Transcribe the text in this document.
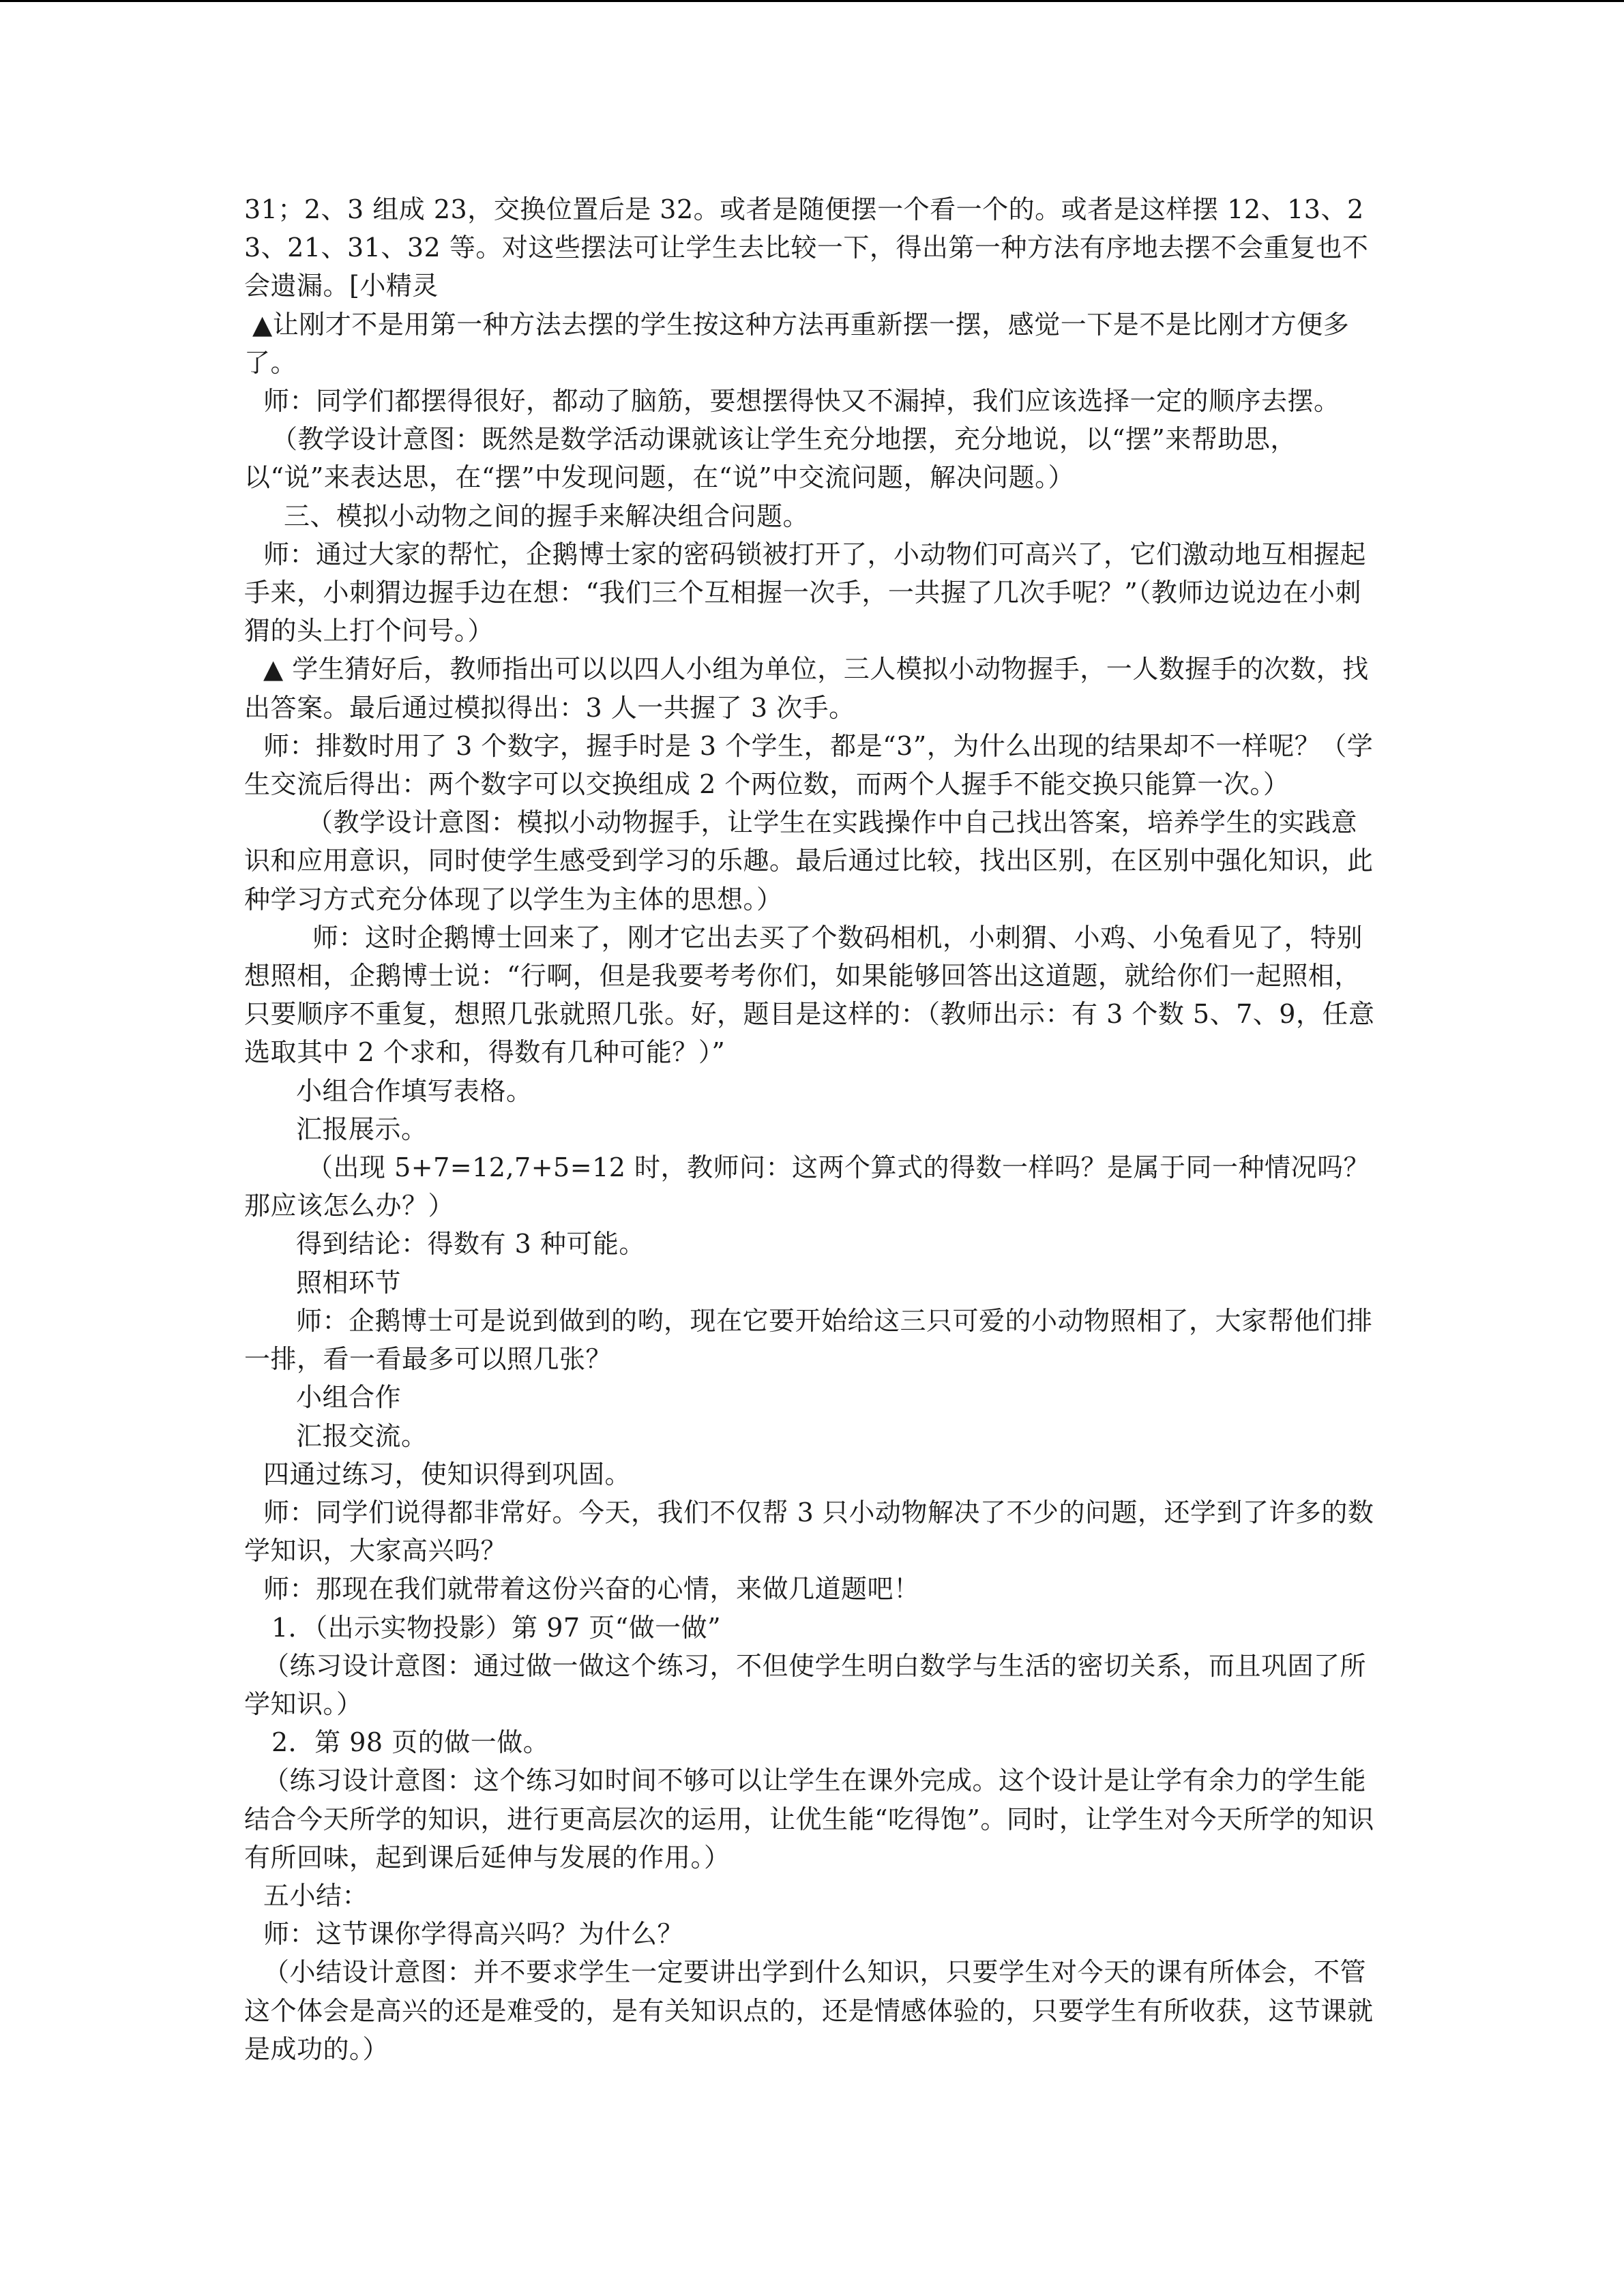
31；2、3 组成 23，交换位置后是 32。或者是随便摆一个看一个的。或者是这样摆 12、13、23、21、31、32 等。对这些摆法可让学生去比较一下，得出第一种方法有序地去摆不会重复也不会遗漏。[小精灵

▲让刚才不是用第一种方法去摆的学生按这种方法再重新摆一摆，感觉一下是不是比刚才方便多了。

师：同学们都摆得很好，都动了脑筋，要想摆得快又不漏掉，我们应该选择一定的顺序去摆。

（教学设计意图：既然是数学活动课就该让学生充分地摆，充分地说，以“摆”来帮助思，以“说”来表达思，在“摆”中发现问题，在“说”中交流问题，解决问题。）

三、模拟小动物之间的握手来解决组合问题。

师：通过大家的帮忙，企鹅博士家的密码锁被打开了，小动物们可高兴了，它们激动地互相握起手来，小刺猬边握手边在想：“我们三个互相握一次手，一共握了几次手呢？”（教师边说边在小刺猬的头上打个问号。）

▲ 学生猜好后，教师指出可以以四人小组为单位，三人模拟小动物握手，一人数握手的次数，找出答案。最后通过模拟得出：3 人一共握了 3 次手。

师：排数时用了 3 个数字，握手时是 3 个学生，都是“3”，为什么出现的结果却不一样呢？（学生交流后得出：两个数字可以交换组成 2 个两位数，而两个人握手不能交换只能算一次。）

（教学设计意图：模拟小动物握手，让学生在实践操作中自己找出答案，培养学生的实践意识和应用意识，同时使学生感受到学习的乐趣。最后通过比较，找出区别，在区别中强化知识，此种学习方式充分体现了以学生为主体的思想。）

师：这时企鹅博士回来了，刚才它出去买了个数码相机，小刺猬、小鸡、小兔看见了，特别想照相，企鹅博士说：“行啊，但是我要考考你们，如果能够回答出这道题，就给你们一起照相，只要顺序不重复，想照几张就照几张。好，题目是这样的：（教师出示：有 3 个数 5、7、9，任意选取其中 2 个求和，得数有几种可能？）”

小组合作填写表格。

汇报展示。

（出现 5+7=12,7+5=12 时，教师问：这两个算式的得数一样吗？是属于同一种情况吗？那应该怎么办？）

得到结论：得数有 3 种可能。

照相环节

师：企鹅博士可是说到做到的哟，现在它要开始给这三只可爱的小动物照相了，大家帮他们排一排，看一看最多可以照几张？

小组合作

汇报交流。

四通过练习，使知识得到巩固。

师：同学们说得都非常好。今天，我们不仅帮 3 只小动物解决了不少的问题，还学到了许多的数学知识，大家高兴吗？

师：那现在我们就带着这份兴奋的心情，来做几道题吧！

1．（出示实物投影）第 97 页“做一做”

（练习设计意图：通过做一做这个练习，不但使学生明白数学与生活的密切关系，而且巩固了所学知识。）

2．第 98 页的做一做。

（练习设计意图：这个练习如时间不够可以让学生在课外完成。这个设计是让学有余力的学生能结合今天所学的知识，进行更高层次的运用，让优生能“吃得饱”。同时，让学生对今天所学的知识有所回味，起到课后延伸与发展的作用。）

五小结：

师：这节课你学得高兴吗？为什么？

（小结设计意图：并不要求学生一定要讲出学到什么知识，只要学生对今天的课有所体会，不管这个体会是高兴的还是难受的，是有关知识点的，还是情感体验的，只要学生有所收获，这节课就是成功的。）
